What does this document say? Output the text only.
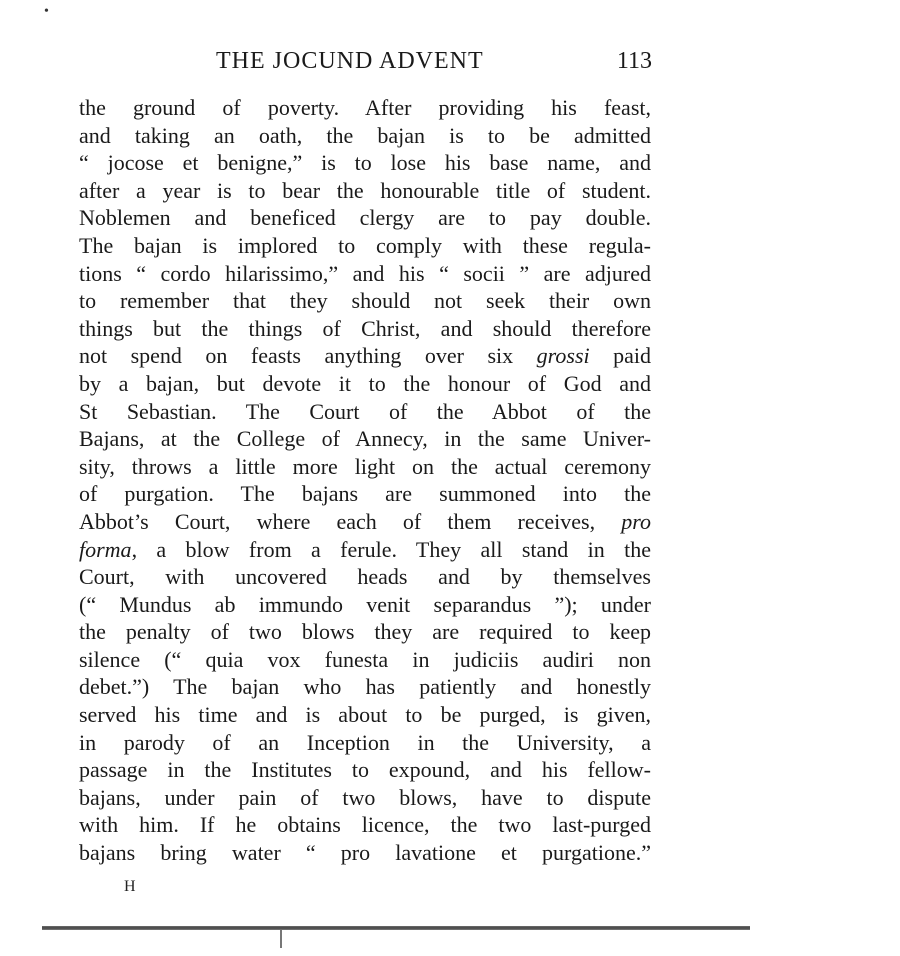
•
THE JOCUND ADVENT	113
the ground of poverty. After providing his feast,
and taking an oath, the bajan is to be admitted
“ jocose et benigne,” is to lose his base name, and
after a year is to bear the honourable title of student.
Noblemen and beneficed clergy are to pay double.
The bajan is implored to comply with these regula-
tions “ cordo hilarissimo,” and his “ socii ” are adjured
to remember that they should not seek their own
things but the things of Christ, and should therefore
not spend on feasts anything over six grossi paid
by a bajan, but devote it to the honour of God and
St Sebastian. The Court of the Abbot of the
Bajans, at the College of Annecy, in the same Univer-
sity, throws a little more light on the actual ceremony
of purgation. The bajans are summoned into the
Abbot’s Court, where each of them receives, pro
forma, a blow from a ferule. They all stand in the
Court, with uncovered heads and by themselves
(“ Mundus ab immundo venit separandus ”); under
the penalty of two blows they are required to keep
silence (“ quia vox funesta in judiciis audiri non
debet.”) The bajan who has patiently and honestly
served his time and is about to be purged, is given,
in parody of an Inception in the University, a
passage in the Institutes to expound, and his fellow-
bajans, under pain of two blows, have to dispute
with him. If he obtains licence, the two last-purged
bajans bring water “ pro lavatione et purgatione.”
H
